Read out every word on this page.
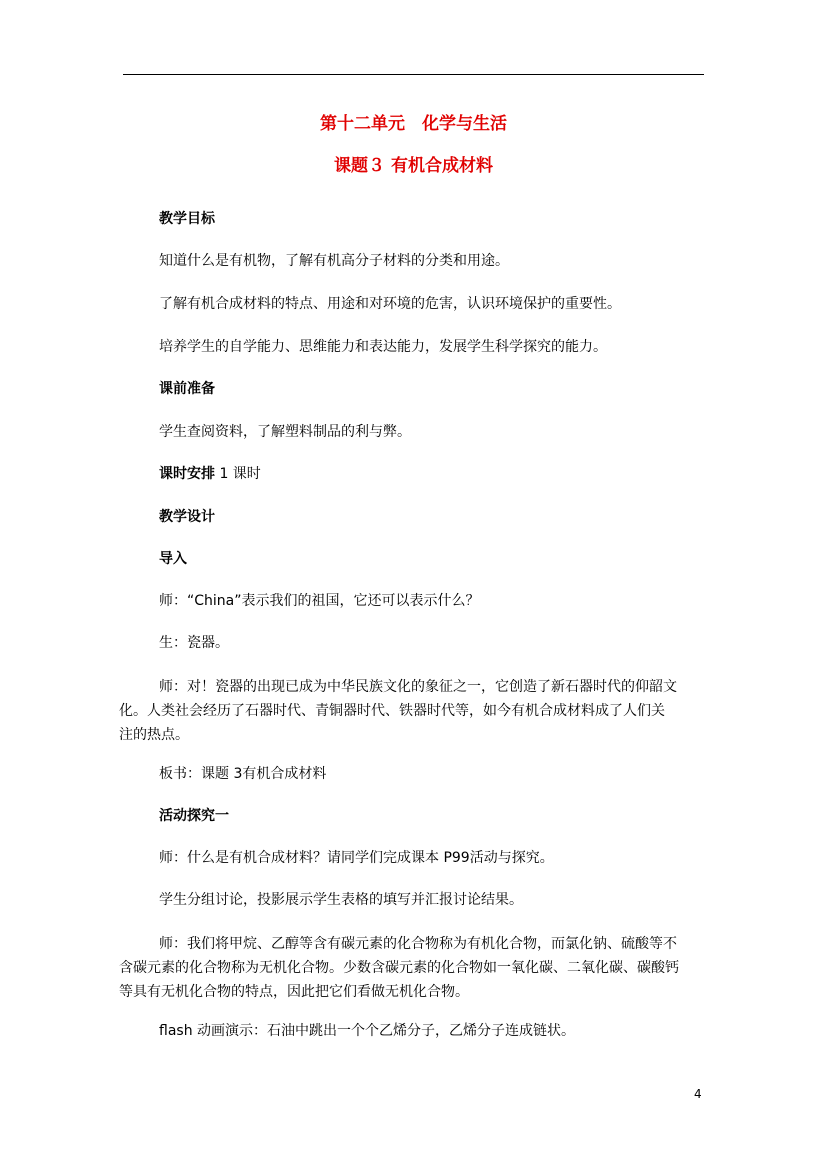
第十二单元　化学与生活
课题３ 有机合成材料
教学目标
知道什么是有机物，了解有机高分子材料的分类和用途。
了解有机合成材料的特点、用途和对环境的危害，认识环境保护的重要性。
培养学生的自学能力、思维能力和表达能力，发展学生科学探究的能力。
课前准备
学生查阅资料，了解塑料制品的利与弊。
课时安排 1 课时
教学设计
导入
师：“China”表示我们的祖国，它还可以表示什么？
生：瓷器。
师：对！瓷器的出现已成为中华民族文化的象征之一，它创造了新石器时代的仰韶文
化。人类社会经历了石器时代、青铜器时代、铁器时代等，如今有机合成材料成了人们关
注的热点。
板书：课题 3有机合成材料
活动探究一
师：什么是有机合成材料？请同学们完成课本 P99活动与探究。
学生分组讨论，投影展示学生表格的填写并汇报讨论结果。
师：我们将甲烷、乙醇等含有碳元素的化合物称为有机化合物，而氯化钠、硫酸等不
含碳元素的化合物称为无机化合物。少数含碳元素的化合物如一氧化碳、二氧化碳、碳酸钙
等具有无机化合物的特点，因此把它们看做无机化合物。
flash 动画演示：石油中跳出一个个乙烯分子，乙烯分子连成链状。
4
